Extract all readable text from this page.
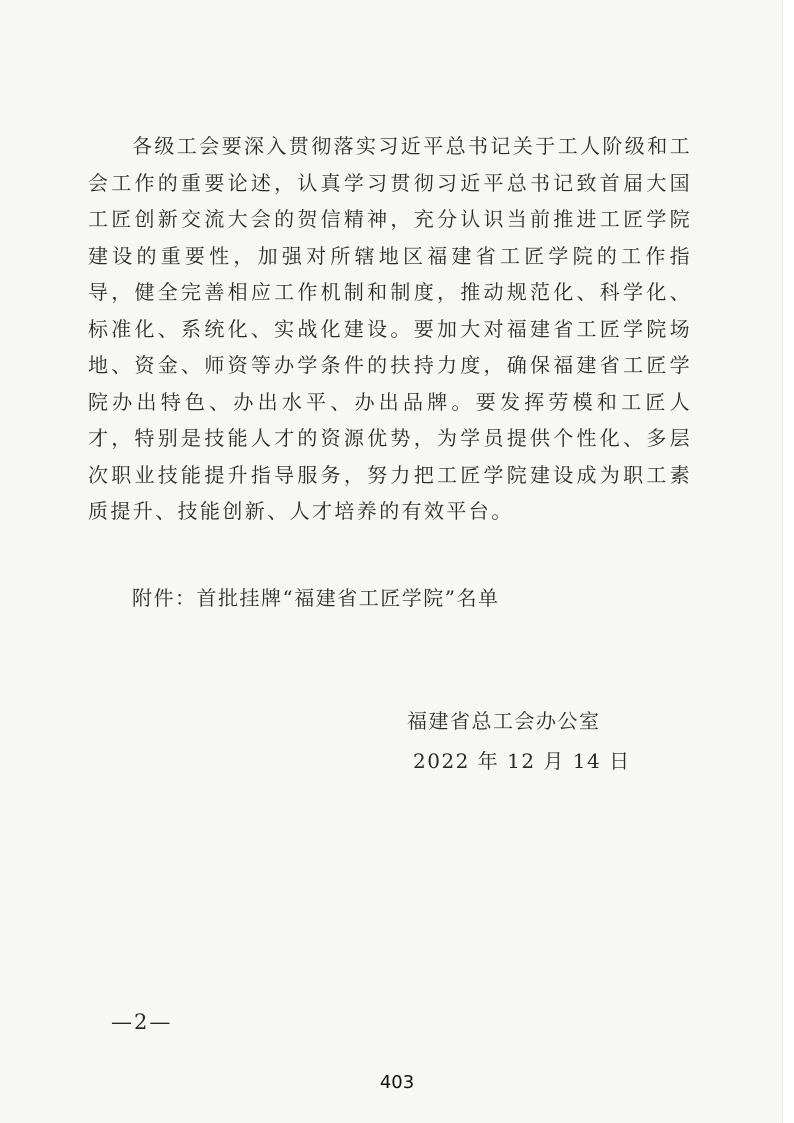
各级工会要深入贯彻落实习近平总书记关于工人阶级和工会工作的重要论述，认真学习贯彻习近平总书记致首届大国工匠创新交流大会的贺信精神，充分认识当前推进工匠学院建设的重要性，加强对所辖地区福建省工匠学院的工作指导，健全完善相应工作机制和制度，推动规范化、科学化、标准化、系统化、实战化建设。要加大对福建省工匠学院场地、资金、师资等办学条件的扶持力度，确保福建省工匠学院办出特色、办出水平、办出品牌。要发挥劳模和工匠人才，特别是技能人才的资源优势，为学员提供个性化、多层次职业技能提升指导服务，努力把工匠学院建设成为职工素质提升、技能创新、人才培养的有效平台。

附件：首批挂牌“福建省工匠学院”名单

福建省总工会办公室

2022 年 12 月 14 日

—2—

403
